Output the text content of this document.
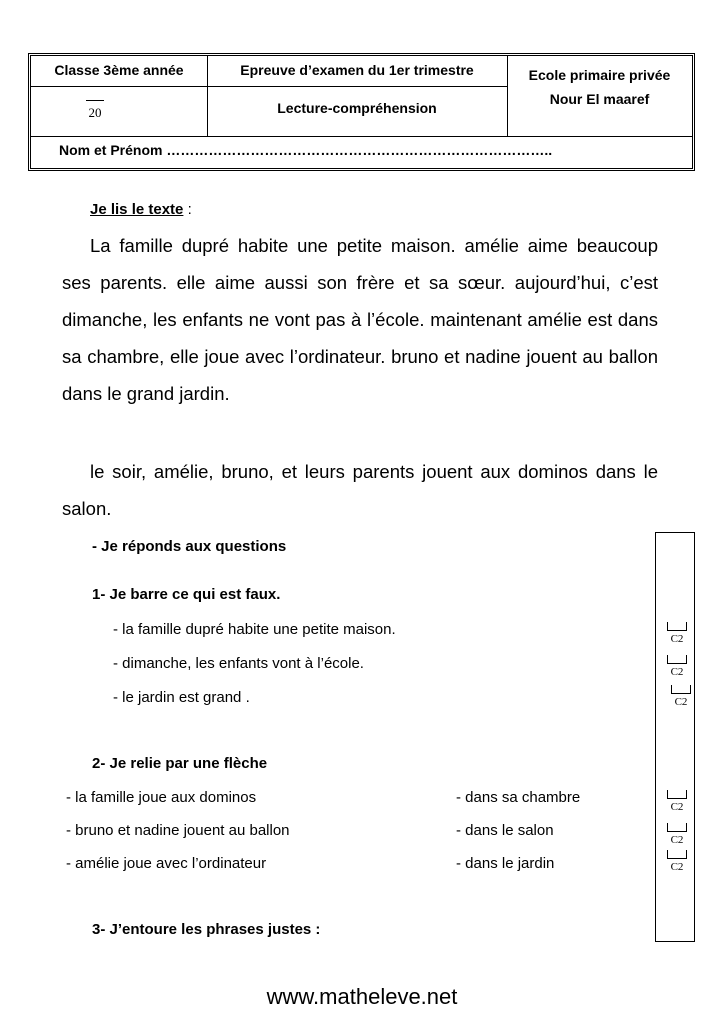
Classe 3ème année	Epreuve d’examen du 1er trimestre	Ecole primaire privée
Nour El maaref
Lecture-compréhension
Nom et Prénom ………………………………………………………………………..
20
Je lis le texte :
La famille dupré habite une petite maison. amélie aime beaucoup ses parents. elle aime aussi son frère et sa sœur. aujourd’hui, c’est dimanche, les enfants ne vont pas à l’école. maintenant amélie est dans sa chambre, elle joue avec l’ordinateur. bruno et nadine jouent au ballon dans le grand jardin.
le soir, amélie, bruno, et leurs parents jouent aux dominos dans le salon.
- Je réponds aux questions
1- Je barre ce qui est faux.
- la famille dupré habite une petite maison.
- dimanche, les enfants vont à l’école.
- le jardin est grand .
2- Je relie par une flèche
- la famille joue aux dominos
- bruno et nadine jouent au ballon
- amélie joue avec l’ordinateur
- dans sa chambre
- dans le salon
- dans le jardin
3- J’entoure les phrases justes :
C2
C2
C2
C2
C2
C2
www.matheleve.net
